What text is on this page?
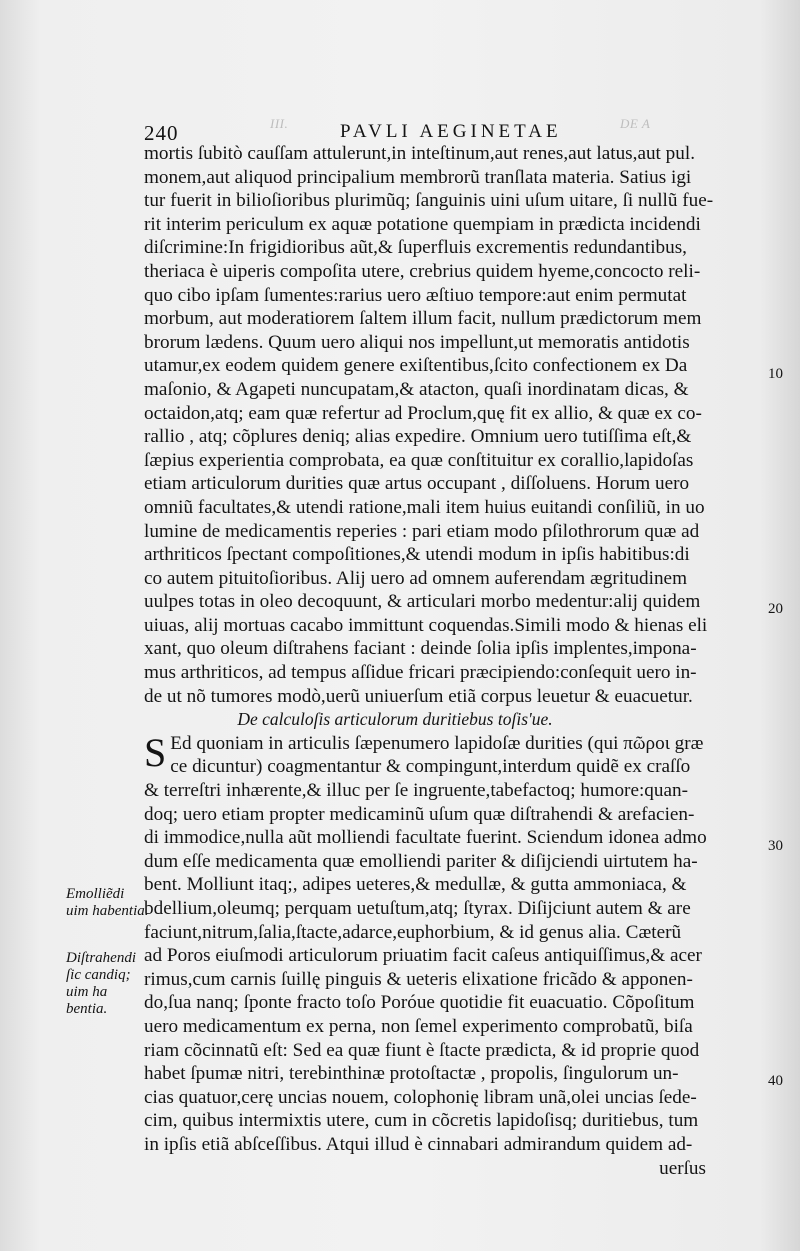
DE A
III.
240	PAVLI AEGINETAE
mortis ſubitò cauſſam attulerunt,in inteſtinum,aut renes,aut latus,aut pul.
monem,aut aliquod principalium membrorũ tranſlata materia. Satius igi
tur fuerit in bilioſioribus plurimũq; ſanguinis uini uſum uitare, ſi nullũ fue-
rit interim periculum ex aquæ potatione quempiam in prædicta incidendi
diſcrimine:In frigidioribus aũt,& ſuperfluis excrementis redundantibus,
theriaca è uiperis compoſita utere, crebrius quidem hyeme,concocto reli-
quo cibo ipſam ſumentes:rarius uero æſtiuo tempore:aut enim permutat
morbum, aut moderatiorem ſaltem illum facit, nullum prædictorum mem
brorum lædens. Quum uero aliqui nos impellunt,ut memoratis antidotis
utamur,ex eodem quidem genere exiſtentibus,ſcito confectionem ex Da
maſonio, & Agapeti nuncupatam,& atacton, quaſi inordinatam dicas, &
octaidon,atq; eam quæ refertur ad Proclum,quę fit ex allio, & quæ ex co-
rallio , atq; cõplures deniq; alias expedire. Omnium uero tutiſſima eſt,&
ſæpius experientia comprobata, ea quæ conſtituitur ex corallio,lapidoſas
etiam articulorum durities quæ artus occupant , diſſoluens. Horum uero
omniũ facultates,& utendi ratione,mali item huius euitandi conſiliũ, in uo
lumine de medicamentis reperies : pari etiam modo pſilothrorum quæ ad
arthriticos ſpectant compoſitiones,& utendi modum in ipſis habitibus:di
co autem pituitoſioribus. Alij uero ad omnem auferendam ægritudinem
uulpes totas in oleo decoquunt, & articulari morbo medentur:alij quidem
uiuas, alij mortuas cacabo immittunt coquendas.Simili modo & hienas eli
xant, quo oleum diſtrahens faciant : deinde ſolia ipſis implentes,impona-
mus arthriticos, ad tempus aſſidue fricari præcipiendo:conſequit uero in-
de ut nõ tumores modò,uerũ uniuerſum etiã corpus leuetur & euacuetur.
De calculoſis articulorum duritiebus toſis'ue.
S Ed quoniam in articulis ſæpenumero lapidoſæ durities (qui πῶροι græ
ce dicuntur) coagmentantur & compingunt,interdum quidẽ ex craſſo
& terreſtri inhærente,& illuc per ſe ingruente,tabefactoq; humore:quan-
doq; uero etiam propter medicaminũ uſum quæ diſtrahendi & arefacien-
di immodice,nulla aũt molliendi facultate fuerint. Sciendum idonea admo
dum eſſe medicamenta quæ emolliendi pariter & diſijciendi uirtutem ha-
bent. Molliunt itaq;, adipes ueteres,& medullæ, & gutta ammoniaca, &
bdellium,oleumq; perquam uetuſtum,atq; ſtyrax. Diſijciunt autem & are
faciunt,nitrum,ſalia,ſtacte,adarce,euphorbium, & id genus alia. Cæterũ
ad Poros eiuſmodi articulorum priuatim facit caſeus antiquiſſimus,& acer
rimus,cum carnis ſuillę pinguis & ueteris elixatione fricãdo & apponen-
do,ſua nanq; ſponte fracto toſo Poróue quotidie fit euacuatio. Cõpoſitum
uero medicamentum ex perna, non ſemel experimento comprobatũ, biſa
riam cõcinnatũ eſt: Sed ea quæ fiunt è ſtacte prædicta, & id proprie quod
habet ſpumæ nitri, terebinthinæ protoſtactæ , propolis, ſingulorum un-
cias quatuor,cerę uncias nouem, colophonię libram unã,olei uncias ſede-
cim, quibus intermixtis utere, cum in cõcretis lapidoſisq; duritiebus, tum
in ipſis etiã abſceſſibus. Atqui illud è cinnabari admirandum quidem ad-
uerſus
10
20
30
40
Emolliẽdi uim habentia.
Diſtrahendi ſic candiq; uim ha bentia.
